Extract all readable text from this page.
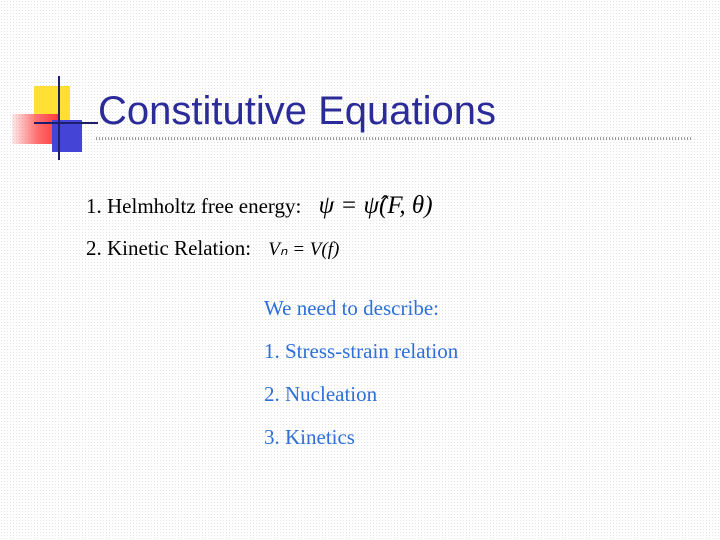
Constitutive Equations
1. Helmholtz free energy: ψ = ψ̂(F, θ)
2. Kinetic Relation: Vₙ = V(f)
We need to describe:
1. Stress-strain relation
2. Nucleation
3. Kinetics
